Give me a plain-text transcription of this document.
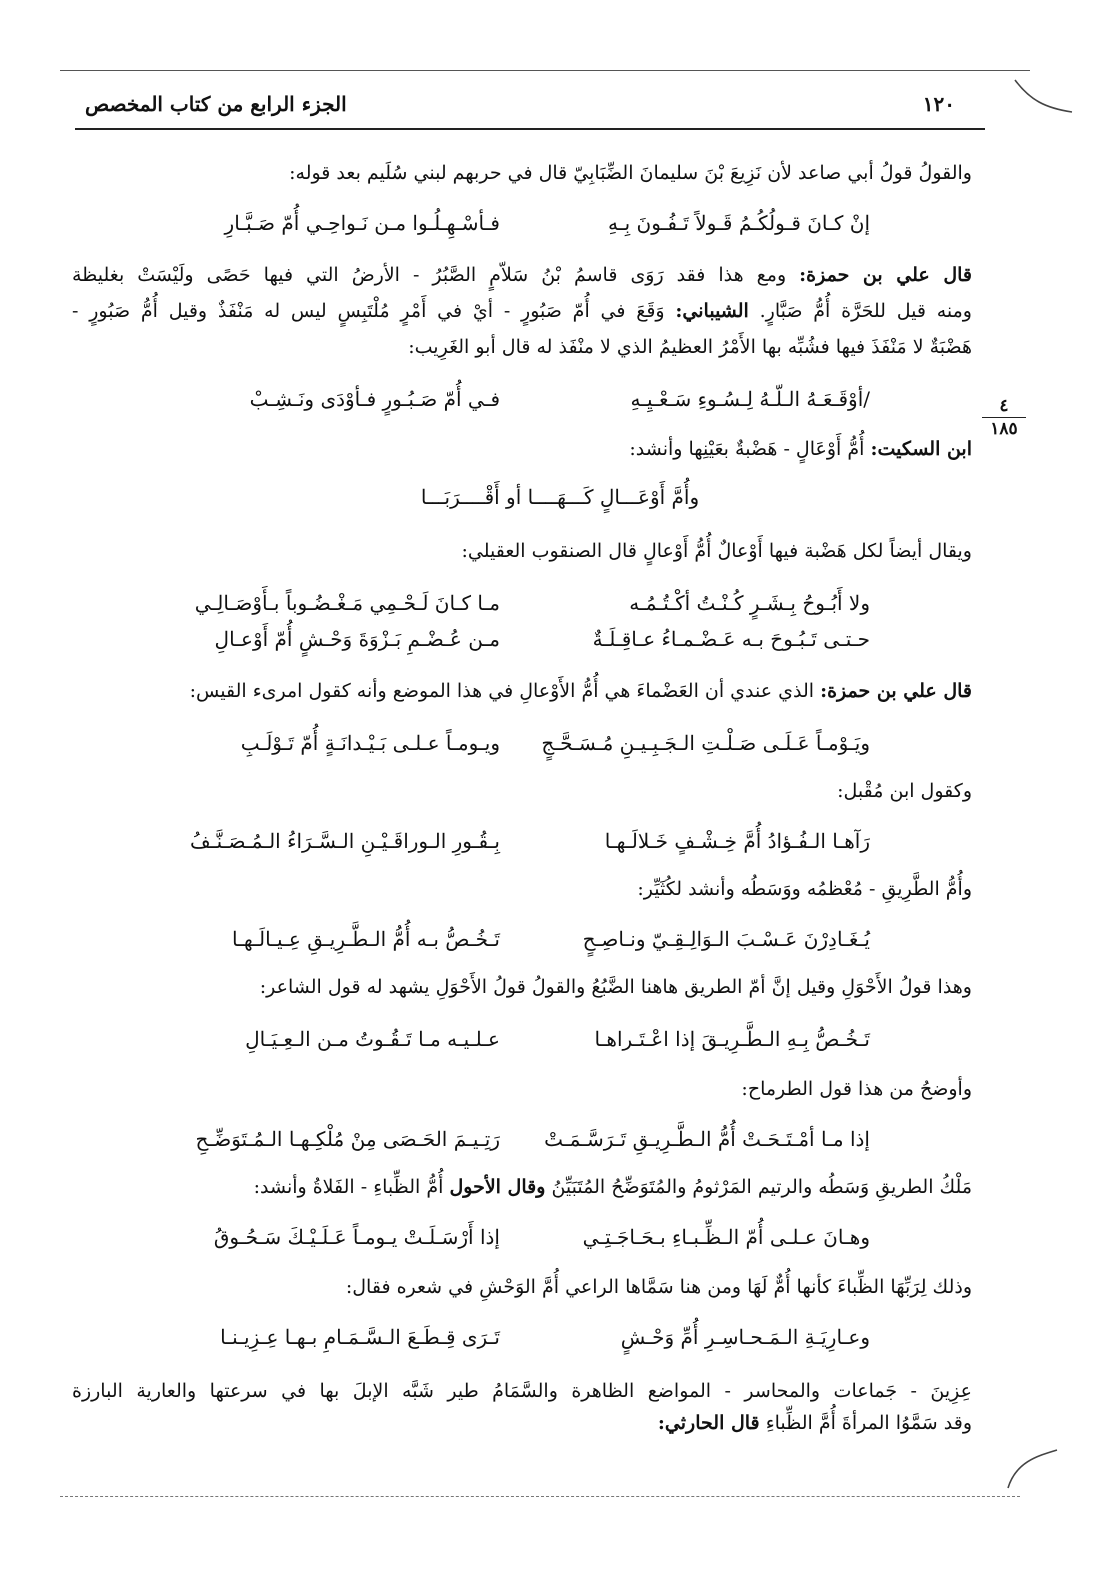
١٢٠
الجزء الرابع من كتاب المخصص
٤
١٨٥
والقولُ قولُ أبي صاعد لأن نَزِيعَ بْنَ سليمانَ الضِّبَابِيّ قال في حربهم لبني سُلَيم بعد قوله:
إنْ كـانَ قـولُكُـمُ قَـولاً تَـفُـونَ بِـهِ
فـأسْـهِـلُـوا مـن نَـواحِـي أُمّ صَـبَّـارِ
قال علي بن حمزة: ومع هذا فقد رَوَى قاسمُ بْنُ سَلاّمٍ الصَّبُرُ - الأرضُ التي فيها حَصًى ولَيْسَتْ بغليظة
ومنه قيل للحَرَّة أُمُّ صَبَّارٍ. الشيباني: وَقَعَ في أُمّ صَبُورٍ - أيْ في أَمْرٍ مُلْتَبِسٍ ليس له مَنْفَذٌ وقيل أُمُّ صَبُورٍ -
هَضْبَةٌ لا مَنْفَذَ فيها فشُبِّه بها الأَمْرُ العظيمُ الذي لا منْفَذ له قال أبو الغَرِيب:
/أوْقَـعَـهُ الـلّـهُ لِـسُـوءِ سَـعْـيِـهِ
فـي أُمّ صَـبُـورٍ فـأوْدَى ونَـشِـبْ
ابن السكيت: أُمُّ أَوْعَالٍ - هَضْبةٌ بعَيْنِها وأنشد:
وأُمَّ أَوْعَـــالٍ كَـــهَــــا أو أَقْــــرَبَـــا
ويقال أيضاً لكل هَضْبة فيها أَوْعالٌ أُمُّ أَوْعالٍ قال الصنقوب العقيلي:
ولا أَبُـوحُ بِـشَـرٍ كُـنْـتُ أكْـتُـمُـه
مـا كـانَ لَـحْـمِي مَـغْـضُـوباً بـأَوْصَـالِـي
حـتـى تَـبُـوحَ بـه عَـضْـمـاءُ عـاقِـلَـةٌ
مـن عُـضْـمِ بَـزْوَةَ وَحْـشٍ أُمّ أَوْعـالِ
قال علي بن حمزة: الذي عندي أن العَضْماءَ هي أُمُّ الأَوْعالِ في هذا الموضع وأنه كقول امرىء القيس:
ويَـوْمـاً عَـلَـى صَـلْـتِ الـجَـبِـيـنِ مُـسَـحَّـجٍ
ويـومـاً عـلـى بَـيْـدانَـةٍ أُمّ تَـوْلَـبِ
وكقول ابن مُقْبل:
رَآهـا الـفُـؤادُ أُمَّ خِـشْـفٍ خَـلالَـهـا
بِـقُـورِ الـوراقَـيْـنِ الـسَّـرَاءُ الـمُـصَـنَّـفُ
وأُمُّ الطَّرِيقِ - مُعْظمُه ووَسَطُه وأنشد لكُثَيِّر:
يُـغَـادِرْنَ عَـسْـبَ الـوَالِـقِـيّ ونـاصِـحٍ
تَـخُـصُّ بـه أُمُّ الـطَّـرِيـقِ عِـيـالَـهـا
وهذا قولُ الأَحْوَلِ وقيل إنَّ أمّ الطريق هاهنا الضَّبُعُ والقولُ قولُ الأَحْوَلِ يشهد له قول الشاعر:
تَـخُـصُّ بِـهِ الـطَّـرِيـقَ إذا اعْـتَـراهـا
عـلـيـه مـا تَـقُـوتُ مـن الـعِـيَـالِ
وأوضحُ من هذا قول الطرماح:
إذا مـا أمْـتَـحَـتْ أُمُّ الـطَّـرِيـقِ تَـرَسَّـمَـتْ
رَتِـيـمَ الحَـصَى مِنْ مُلْكِـهـا الـمُـتَوَضِّـحِ
مَلْكُ الطريقِ وَسَطُه والرتيم المَرْثومُ والمُتَوَضِّحُ المُتَبَيِّنُ وقال الأحول أُمُّ الظِّباءِ - الفَلاةُ وأنشد:
وهـانَ عـلـى أُمّ الـظِّـبـاءِ بـحَـاجَـتِـي
إذا أَرْسَـلَـتْ يـومـاً عَـلَـيْـكَ سَـحُـوقُ
وذلك لِرَبِّهَا الظِّباءَ كأنها أُمٌّ لَهَا ومن هنا سَمَّاها الراعي أُمَّ الوَحْشِ في شعره فقال:
وعـارِيَـةِ الـمَـحـاسِـرِ أُمِّ وَحْـشٍ
تَـرَى قِـطَـعَ الـسَّـمَـامِ بـهـا عِـزِيـنـا
عِزِينَ - جَماعات والمحاسر - المواضع الظاهرة والسَّمَامُ طير شَبَّه الإبلَ بها في سرعتها والعارية البارزة
وقد سَمَّوُا المرأةَ أُمَّ الظِّباءِ قال الحارثي:
